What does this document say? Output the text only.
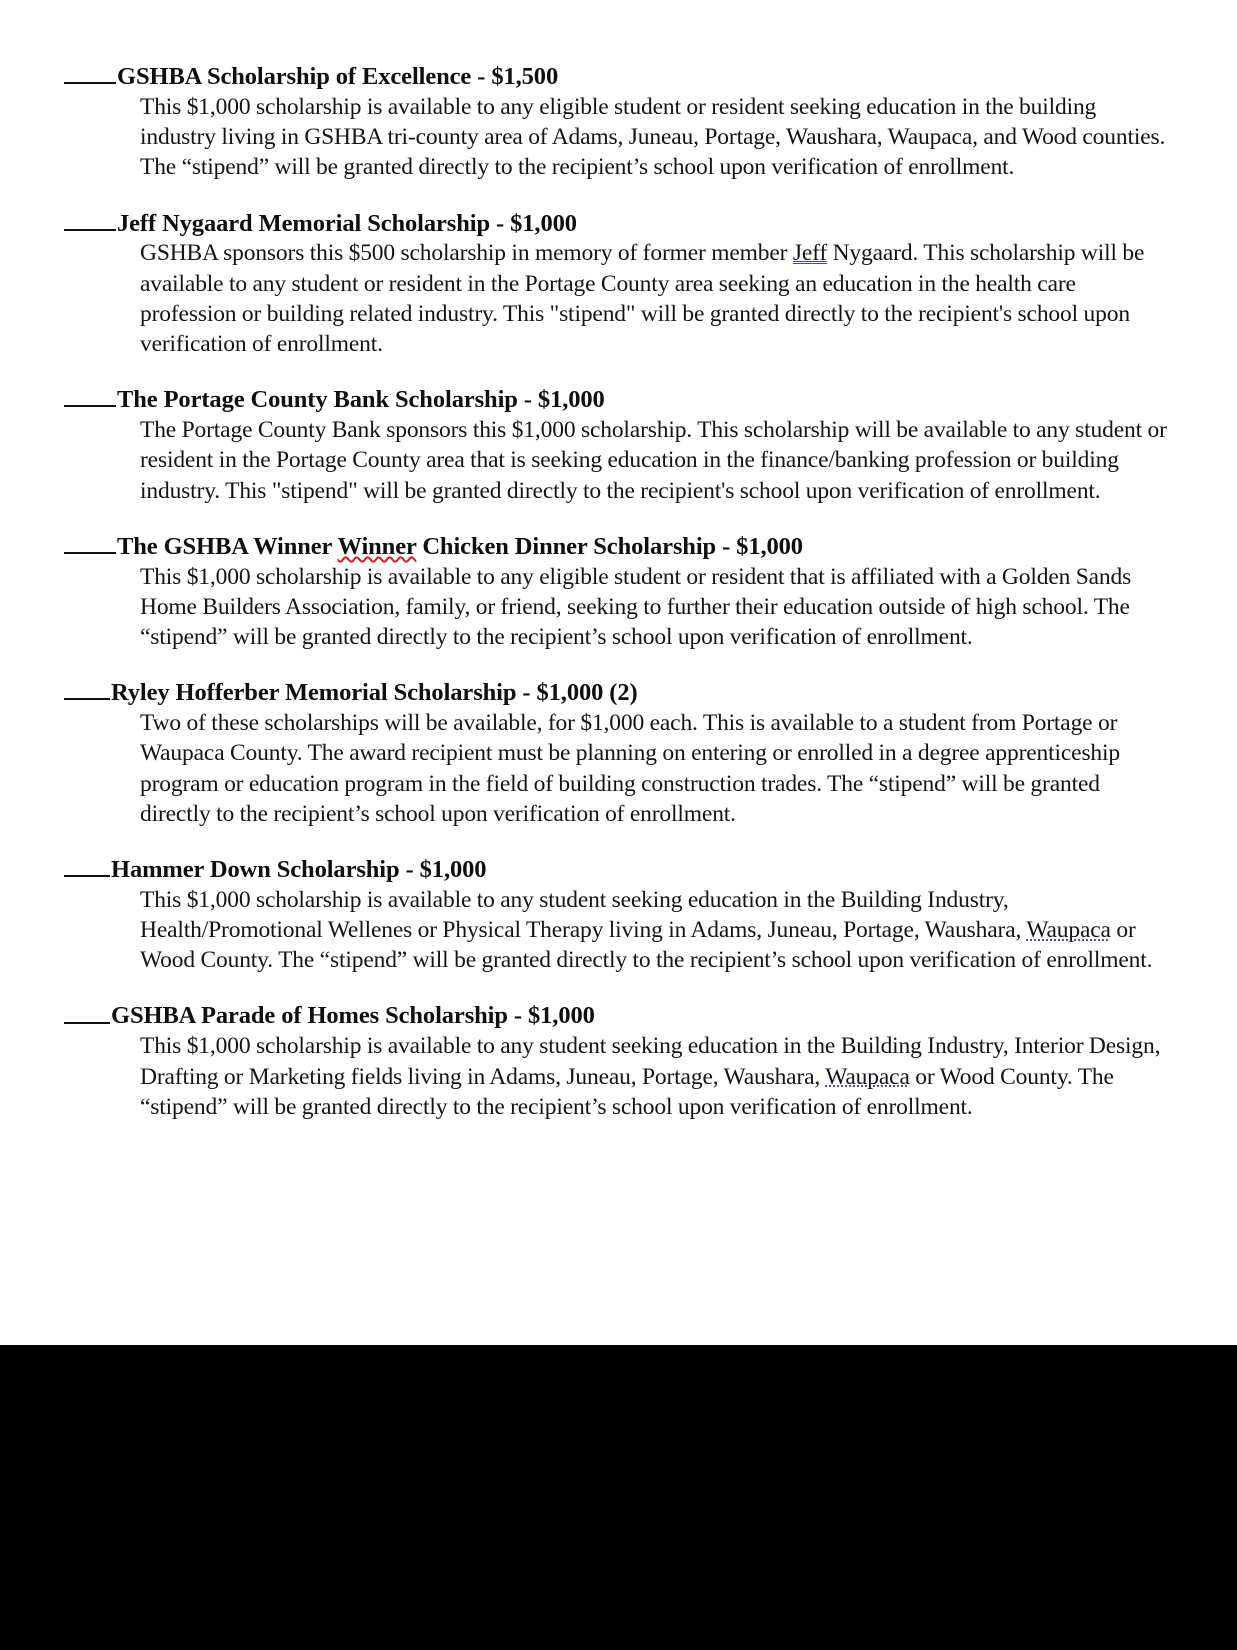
GSHBA Scholarship of Excellence - $1,500

This $1,000 scholarship is available to any eligible student or resident seeking education in the building industry living in GSHBA tri-county area of Adams, Juneau, Portage, Waushara, Waupaca, and Wood counties. The “stipend” will be granted directly to the recipient’s school upon verification of enrollment.

Jeff Nygaard Memorial Scholarship - $1,000

GSHBA sponsors this $500 scholarship in memory of former member Jeff Nygaard. This scholarship will be available to any student or resident in the Portage County area seeking an education in the health care profession or building related industry. This "stipend" will be granted directly to the recipient's school upon verification of enrollment.

The Portage County Bank Scholarship - $1,000

The Portage County Bank sponsors this $1,000 scholarship. This scholarship will be available to any student or resident in the Portage County area that is seeking education in the finance/banking profession or building industry. This "stipend" will be granted directly to the recipient's school upon verification of enrollment.

The GSHBA Winner Winner Chicken Dinner Scholarship - $1,000

This $1,000 scholarship is available to any eligible student or resident that is affiliated with a Golden Sands Home Builders Association, family, or friend, seeking to further their education outside of high school. The “stipend” will be granted directly to the recipient’s school upon verification of enrollment.

Ryley Hofferber Memorial Scholarship - $1,000 (2)

Two of these scholarships will be available, for $1,000 each. This is available to a student from Portage or Waupaca County. The award recipient must be planning on entering or enrolled in a degree apprenticeship program or education program in the field of building construction trades. The “stipend” will be granted directly to the recipient’s school upon verification of enrollment.

Hammer Down Scholarship - $1,000

This $1,000 scholarship is available to any student seeking education in the Building Industry, Health/Promotional Wellenes or Physical Therapy living in Adams, Juneau, Portage, Waushara, Waupaca or Wood County. The “stipend” will be granted directly to the recipient’s school upon verification of enrollment.

GSHBA Parade of Homes Scholarship - $1,000

This $1,000 scholarship is available to any student seeking education in the Building Industry, Interior Design, Drafting or Marketing fields living in Adams, Juneau, Portage, Waushara, Waupaca or Wood County. The “stipend” will be granted directly to the recipient’s school upon verification of enrollment.
